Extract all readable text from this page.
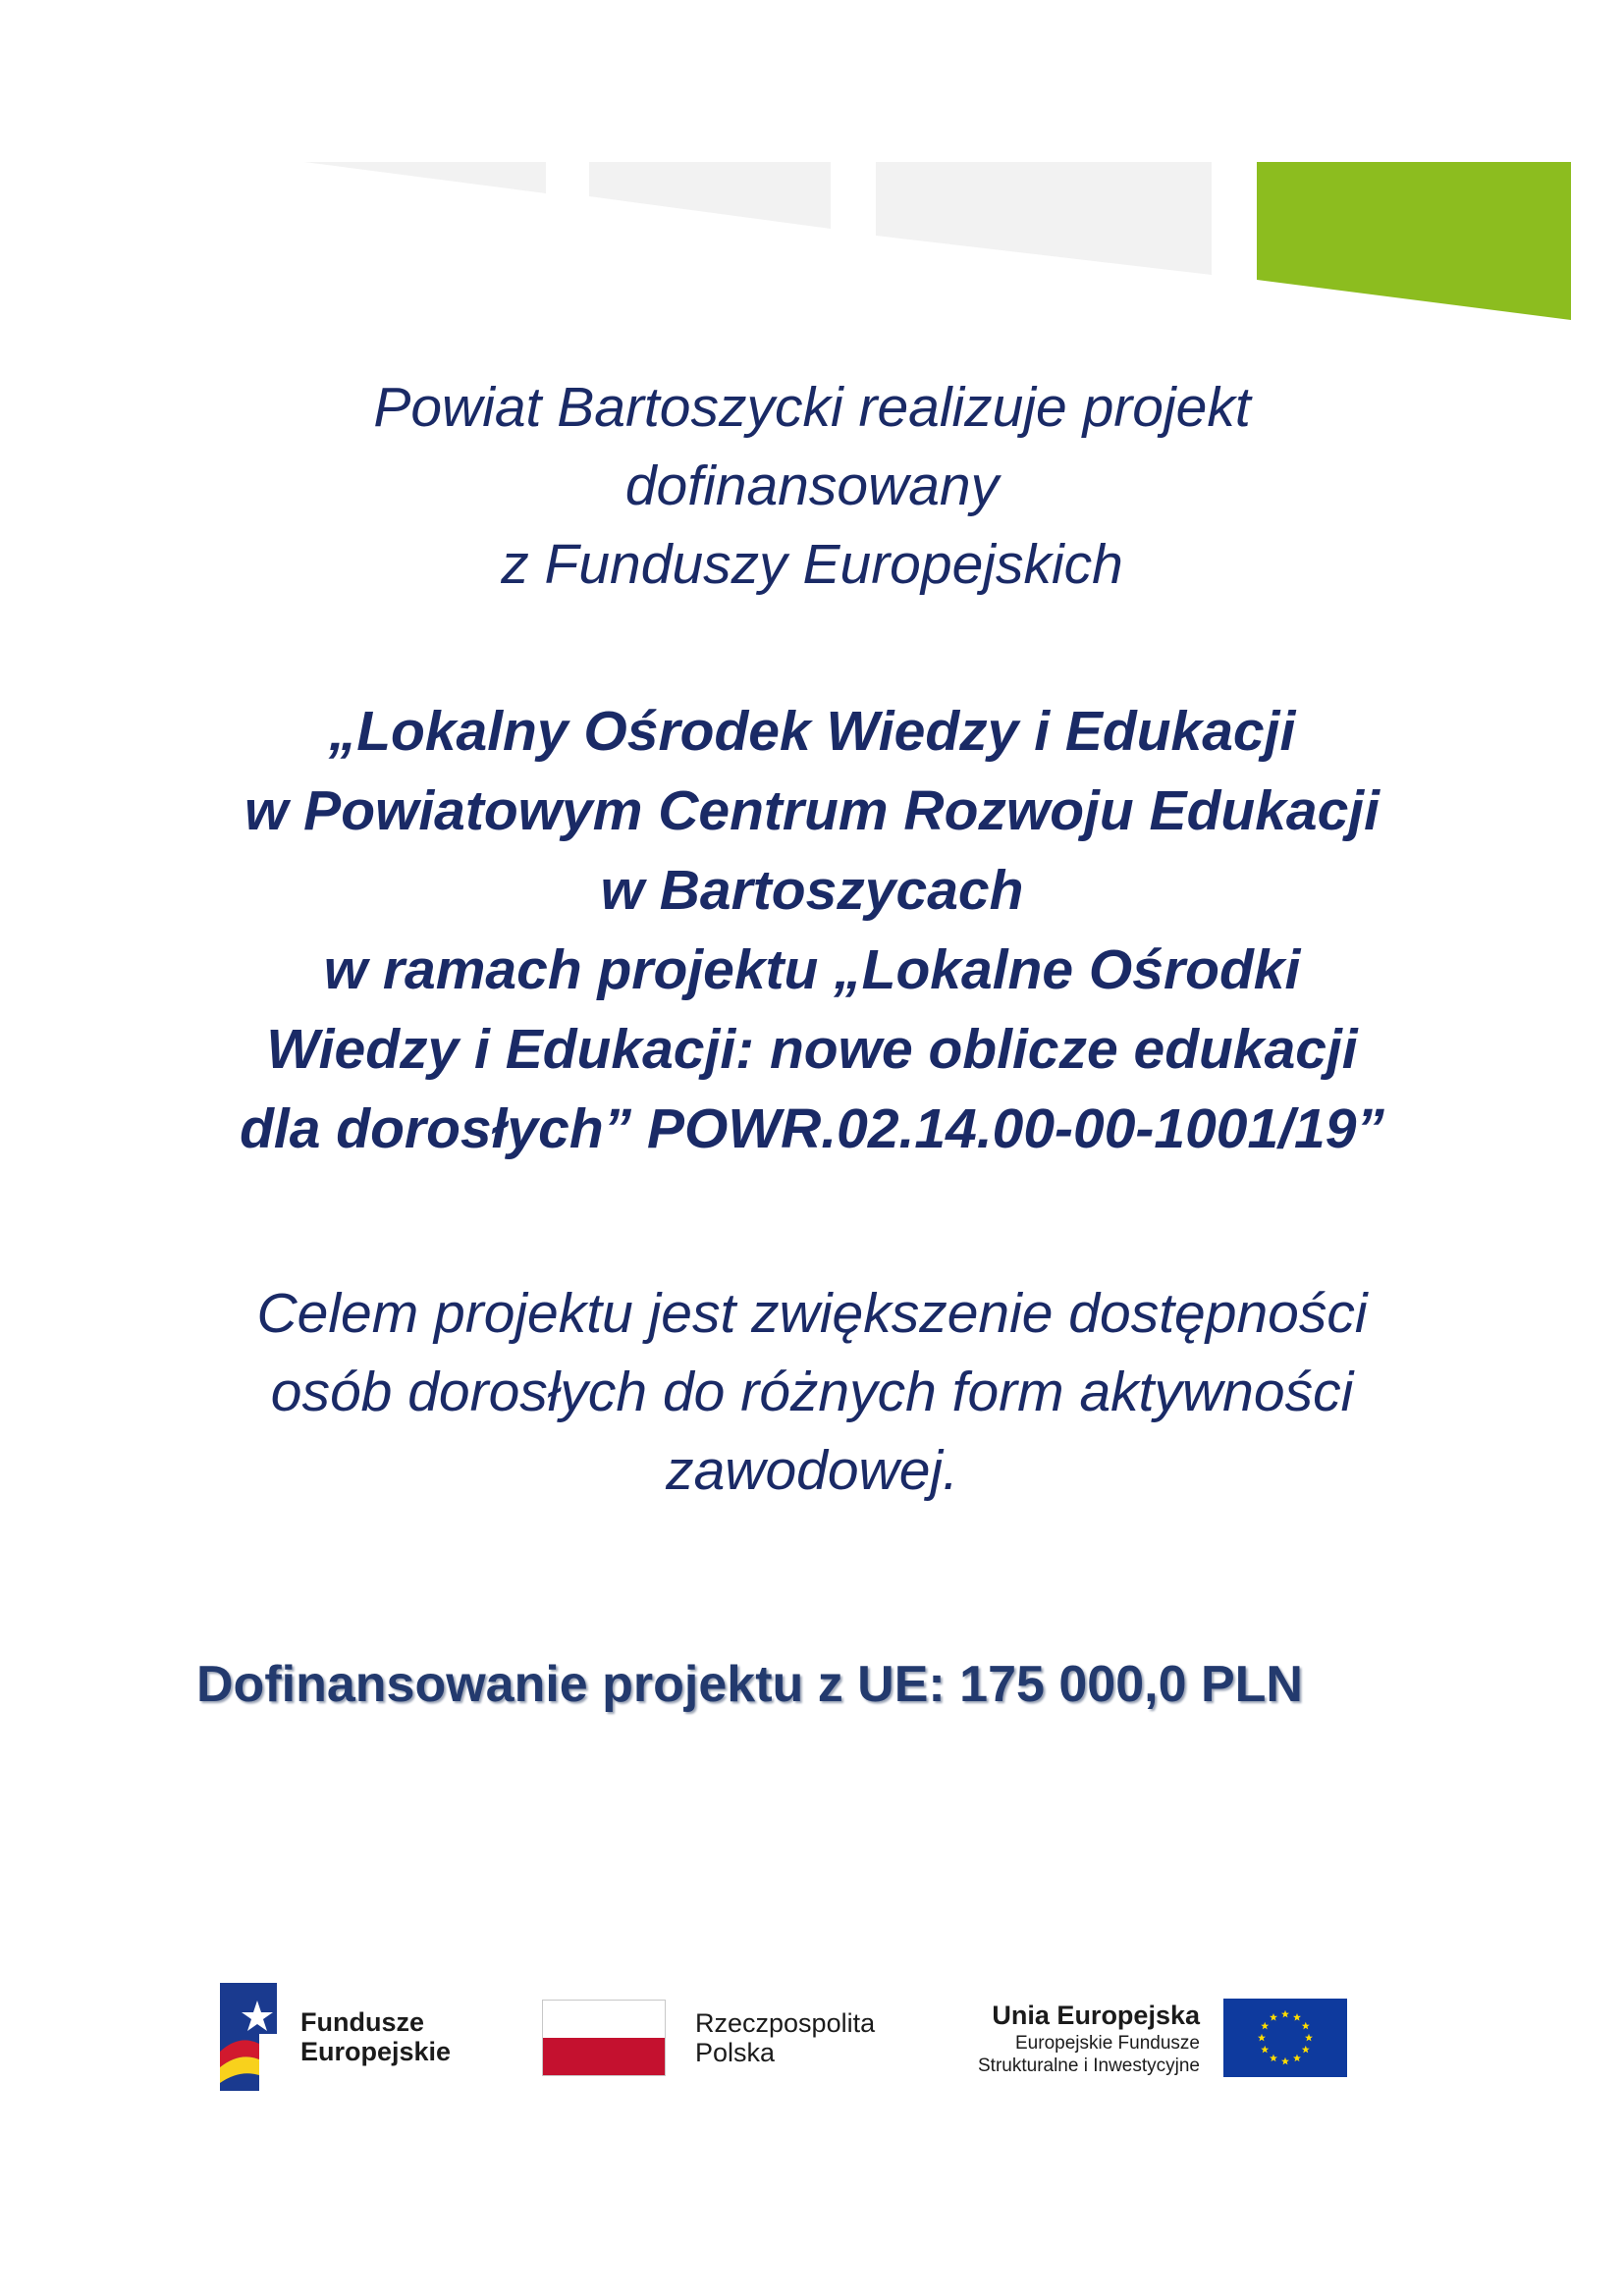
Powiat Bartoszycki realizuje projekt
dofinansowany
z Funduszy Europejskich
„Lokalny Ośrodek Wiedzy i Edukacji
w Powiatowym Centrum Rozwoju Edukacji
w Bartoszycach
w ramach projektu „Lokalne Ośrodki
Wiedzy i Edukacji: nowe oblicze edukacji
dla dorosłych” POWR.02.14.00-00-1001/19”
Celem projektu jest zwiększenie dostępności
osób dorosłych do różnych form aktywności
zawodowej.
Dofinansowanie projektu z UE: 175 000,0 PLN
Fundusze
Europejskie
Rzeczpospolita
Polska
Unia Europejska
Europejskie Fundusze
Strukturalne i Inwestycyjne
